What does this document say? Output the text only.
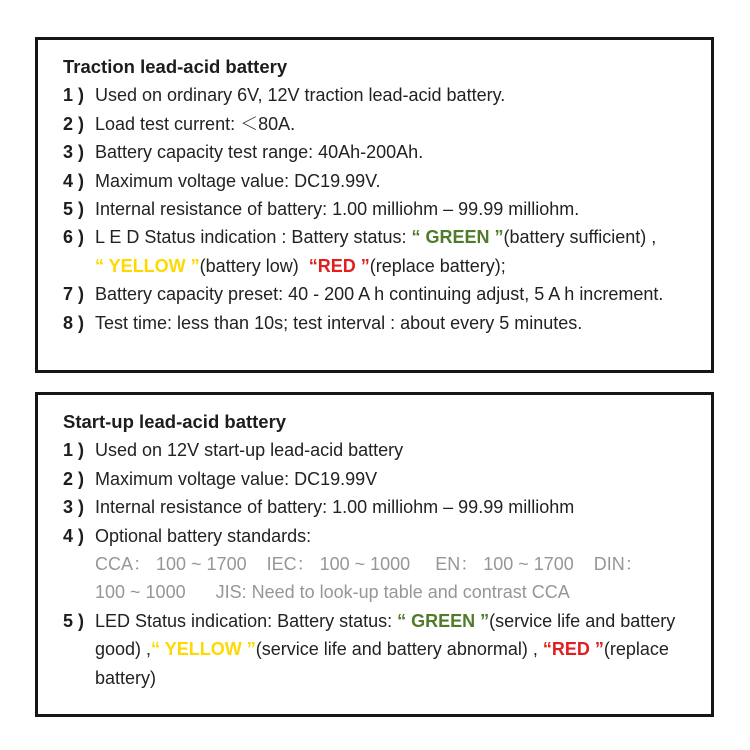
Traction lead-acid battery
1 ) Used on ordinary 6V, 12V traction lead-acid battery.
2 ) Load test current: ＜80A.
3 ) Battery capacity test range: 40Ah-200Ah.
4 ) Maximum voltage value: DC19.99V.
5 ) Internal resistance of battery: 1.00 milliohm – 99.99 milliohm.
6 ) L E D Status indication : Battery status: “ GREEN ”(battery sufficient) ,
“ YELLOW ”(battery low)  “RED ”(replace battery);
7 ) Battery capacity preset: 40 - 200 A h continuing adjust, 5 A h increment.
8 ) Test time: less than 10s; test interval : about every 5 minutes.
Start-up lead-acid battery
1 ) Used on 12V start-up lead-acid battery
2 ) Maximum voltage value: DC19.99V
3 ) Internal resistance of battery: 1.00 milliohm – 99.99 milliohm
4 ) Optional battery standards:
CCA： 100 ~ 1700    IEC： 100 ~ 1000     EN： 100 ~ 1700    DIN：
100 ~ 1000      JIS: Need to look-up table and contrast CCA
5 ) LED Status indication: Battery status: “ GREEN ”(service life and battery
good) ,“ YELLOW ”(service life and battery abnormal) , “RED ”(replace
battery)
